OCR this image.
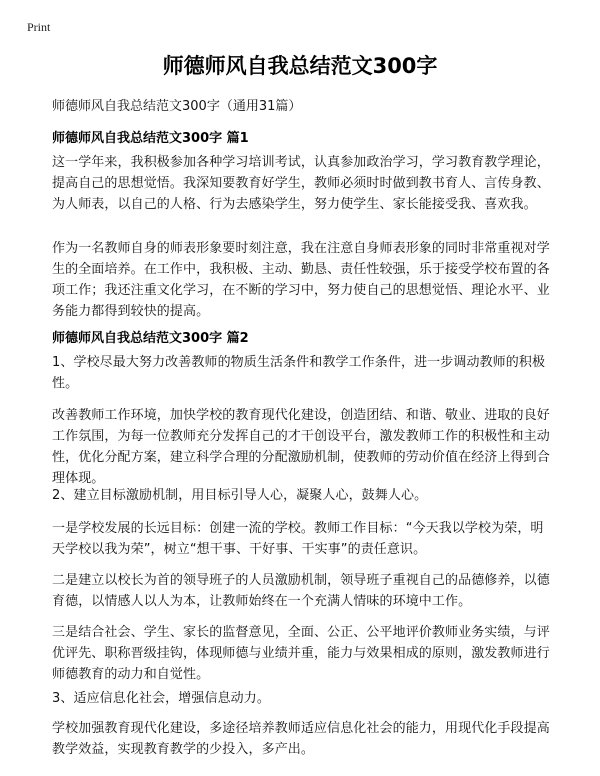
Print
师德师风自我总结范文300字
师德师风自我总结范文300字（通用31篇）
师德师风自我总结范文300字 篇1
这一学年来，我积极参加各种学习培训考试，认真参加政治学习，学习教育教学理论，提高自己的思想觉悟。我深知要教育好学生，教师必须时时做到教书育人、言传身教、为人师表，以自己的人格、行为去感染学生，努力使学生、家长能接受我、喜欢我。
作为一名教师自身的师表形象要时刻注意，我在注意自身师表形象的同时非常重视对学生的全面培养。在工作中，我积极、主动、勤恳、责任性较强，乐于接受学校布置的各项工作；我还注重文化学习，在不断的学习中，努力使自己的思想觉悟、理论水平、业务能力都得到较快的提高。
师德师风自我总结范文300字 篇2
1、学校尽最大努力改善教师的物质生活条件和教学工作条件，进一步调动教师的积极性。
改善教师工作环境，加快学校的教育现代化建设，创造团结、和谐、敬业、进取的良好工作氛围，为每一位教师充分发挥自己的才干创设平台，激发教师工作的积极性和主动性，优化分配方案，建立科学合理的分配激励机制，使教师的劳动价值在经济上得到合理体现。
2、建立目标激励机制，用目标引导人心，凝聚人心，鼓舞人心。
一是学校发展的长远目标：创建一流的学校。教师工作目标：“今天我以学校为荣，明天学校以我为荣”，树立“想干事、干好事、干实事”的责任意识。
二是建立以校长为首的领导班子的人员激励机制，领导班子重视自己的品德修养，以德育德，以情感人以人为本，让教师始终在一个充满人情味的环境中工作。
三是结合社会、学生、家长的监督意见，全面、公正、公平地评价教师业务实绩，与评优评先、职称晋级挂钩，体现师德与业绩并重，能力与效果相成的原则，激发教师进行师德教育的动力和自觉性。
3、适应信息化社会，增强信息动力。
学校加强教育现代化建设，多途径培养教师适应信息化社会的能力，用现代化手段提高教学效益，实现教育教学的少投入，多产出。
